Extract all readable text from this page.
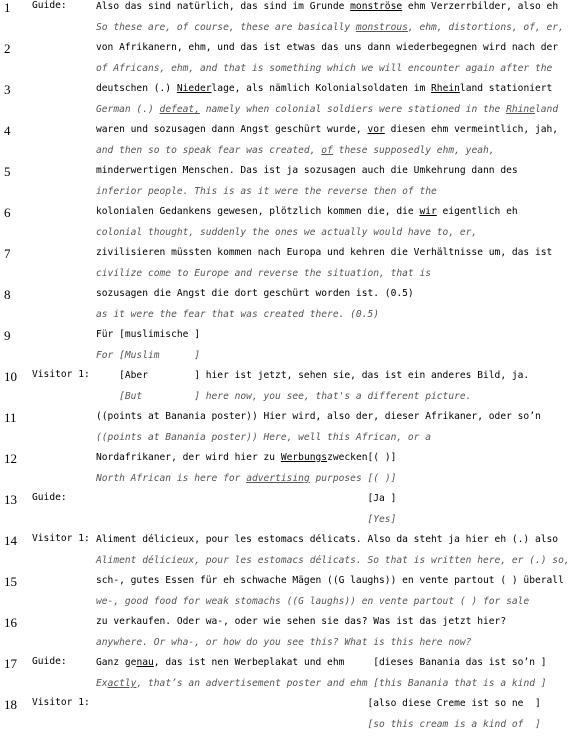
1 Guide:	Also das sind natürlich, das sind im Grunde monströse ehm Verzerrbilder, also eh
So these are, of course, these are basically monstrous, ehm, distortions, of, er,
2	von Afrikanern, ehm, und das ist etwas das uns dann wiederbegegnen wird nach der
of Africans, ehm, and that is something which we will encounter again after the
3	deutschen (.) Niederlage, als nämlich Kolonialsoldaten im Rheinland stationiert
German (.) defeat, namely when colonial soldiers were stationed in the Rhineland
4	waren und sozusagen dann Angst geschürt wurde, vor diesen ehm vermeintlich, jah,
and then so to speak fear was created, of these supposedly ehm, yeah,
5	minderwertigen Menschen. Das ist ja sozusagen auch die Umkehrung dann des
inferior people. This is as it were the reverse then of the
6	kolonialen Gedankens gewesen, plötzlich kommen die, die wir eigentlich eh
colonial thought, suddenly the ones we actually would have to, er,
7	zivilisieren müssten kommen nach Europa und kehren die Verhältnisse um, das ist
civilize come to Europe and reverse the situation, that is
8	sozusagen die Angst die dort geschürt worden ist. (0.5)
as it were the fear that was created there. (0.5)
9	Für [muslimische ]
For [Muslim      ]
10 Visitor 1: [Aber        ] hier ist jetzt, sehen sie, das ist ein anderes Bild, ja.
[But         ] here now, you see, that's a different picture.
11	((points at Banania poster)) Hier wird, also der, dieser Afrikaner, oder so’n
((points at Banania poster)) Here, well this African, or a
12	Nordafrikaner, der wird hier zu Werbungszwecken[( )]
North African is here for advertising purposes [( )]
13 Guide:	[Ja ]
[Yes]
14 Visitor 1: Aliment délicieux, pour les estomacs délicats. Also da steht ja hier eh (.) also
Aliment délicieux, pour les estomacs délicats. So that is written here, er (.) so,
15	sch-, gutes Essen für eh schwache Mägen ((G laughs)) en vente partout ( ) überall
we-, good food for weak stomachs ((G laughs)) en vente partout ( ) for sale
16	zu verkaufen. Oder wa-, oder wie sehen sie das? Was ist das jetzt hier?
anywhere. Or wha-, or how do you see this? What is this here now?
17 Guide:	Ganz genau, das ist nen Werbeplakat und ehm     [dieses Banania das ist so’n ]
Exactly, that’s an advertisement poster and ehm [this Banania that is a kind ]
18 Visitor 1: [also diese Creme ist so ne  ]
[so this cream is a kind of  ]
